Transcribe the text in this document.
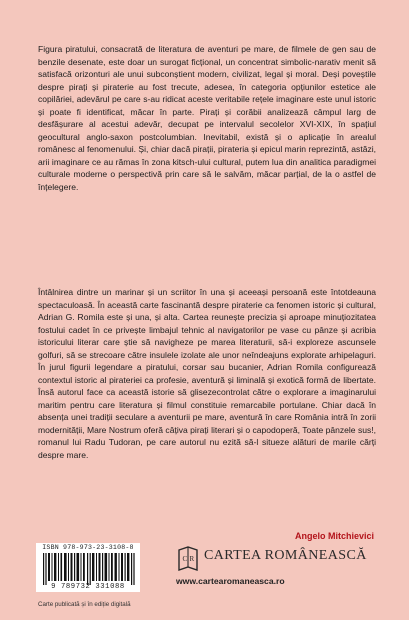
Figura piratului, consacrată de literatura de aventuri pe mare, de filmele de gen sau de benzile desenate, este doar un surogat ficțional, un concentrat simbolic-narativ menit să satisfacă orizonturi ale unui subconștient modern, civilizat, legal și moral. Deși poveștile despre pirați și piraterie au fost trecute, adesea, în categoria opțiunilor estetice ale copilăriei, adevărul pe care s-au ridicat aceste veritabile rețele imaginare este unul istoric și poate fi identificat, măcar în parte. Pirați și corăbii analizează câmpul larg de desfășurare al acestui adevăr, decupat pe intervalul secolelor XVI-XIX, în spațiul geocultural anglo-saxon postcolumbian. Inevitabil, există și o aplicație în arealul românesc al fenomenului. Și, chiar dacă pirații, pirateria și epicul marin reprezintă, astăzi, arii imaginare ce au rămas în zona kitsch-ului cultural, putem lua din analitica paradigmei culturale moderne o perspectivă prin care să le salvăm, măcar parțial, de la o astfel de înțelegere.

Întâlnirea dintre un marinar și un scriitor în una și aceeași persoană este întotdeauna spectaculoasă. În această carte fascinantă despre piraterie ca fenomen istoric și cultural, Adrian G. Romila este și una, și alta. Cartea reunește precizia și aproape minuțiozitatea fostului cadet în ce privește limbajul tehnic al navigatorilor pe vase cu pânze și acribia istoricului literar care știe să navigheze pe marea literaturii, să-i exploreze ascunsele golfuri, să se strecoare către insulele izolate ale unor neîndeajuns explorate arhipelaguri. În jurul figurii legendare a piratului, corsar sau bucanier, Adrian Romila configurează contextul istoric al pirateriei ca profesie, aventură și liminală și exotică formă de libertate. Însă autorul face ca această istorie să glisezecontrolat către o explorare a imaginarului maritim pentru care literatura și filmul constituie remarcabile portulane. Chiar dacă în absența unei tradiții seculare a aventurii pe mare, aventură în care România intră în zorii modernității, Mare Nostrum oferă câțiva pirați literari și o capodoperă, Toate pânzele sus!, romanul lui Radu Tudoran, pe care autorul nu ezită să-l situeze alături de marile cărți despre mare.

Angelo Mitchievici
ISBN 978-973-23-3108-8
9 789732 331088
C R CARTEA ROMÂNEASCĂ
www.cartearomaneasca.ro
Carte publicată și în ediție digitală
